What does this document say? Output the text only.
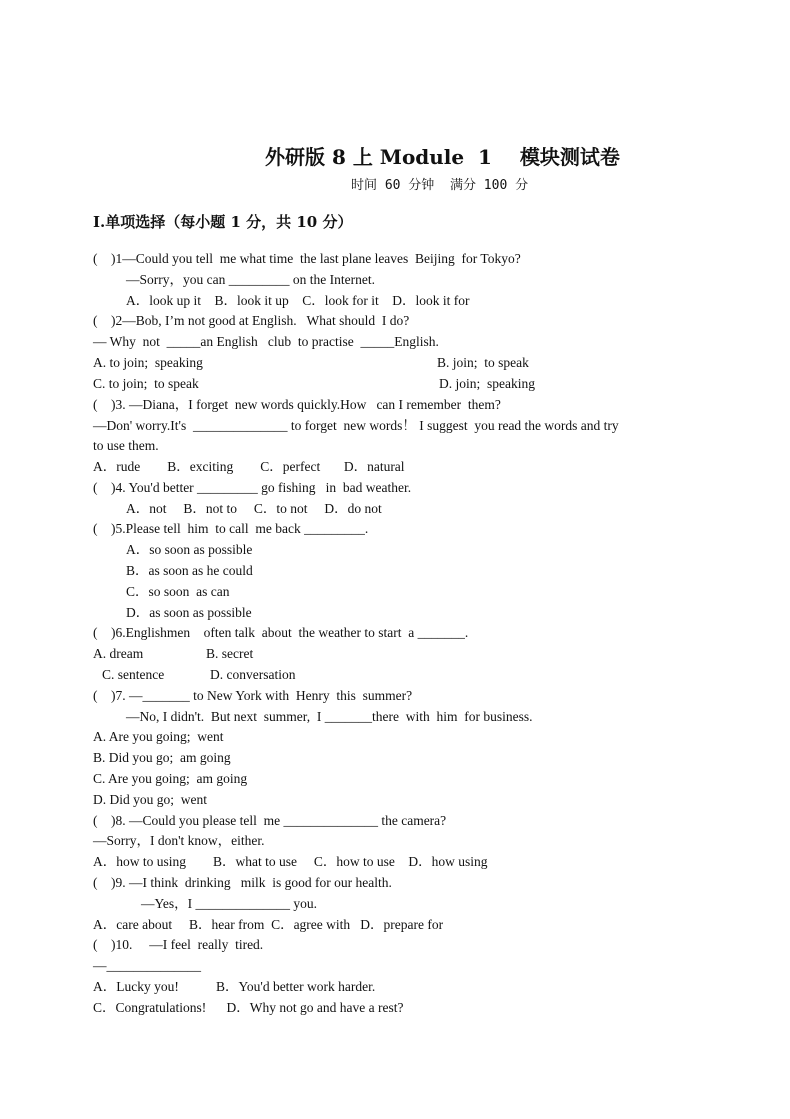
外研版 8 上 Module  1    模块测试卷
时间 60 分钟  满分 100 分
I.单项选择（每小题 1 分，共 10 分）
(    )1—Could you tell  me what time  the last plane leaves  Beijing  for Tokyo?
—Sorry，you can _________ on the Internet.
A．look up it    B．look it up    C．look for it    D．look it for
(    )2—Bob, I’m not good at English.   What should  I do?
— Why  not  _____an English   club  to practise  _____English.
A. to join;  speaking	B. join;  to speak
C. to join;  to speak	D. join;  speaking
(    )3. —Diana，I forget  new words quickly.How   can I remember  them?
—Don' worry.It's  ______________ to forget  new words！ I suggest  you read the words and try
to use them.
A．rude        B．exciting        C．perfect       D．natural
(    )4. You'd better _________ go fishing   in  bad weather.
A．not     B．not to     C．to not     D．do not
(    )5.Please tell  him  to call  me back _________.
A．so soon as possible
B．as soon as he could
C．so soon  as can
D．as soon as possible
(    )6.Englishmen    often talk  about  the weather to start  a _______.
A. dream	B. secret
C. sentence	D. conversation
(    )7. —_______ to New York with  Henry  this  summer?
—No, I didn't.  But next  summer,  I _______there  with  him  for business.
A. Are you going;  went
B. Did you go;  am going
C. Are you going;  am going
D. Did you go;  went
(    )8. —Could you please tell  me ______________ the camera?
—Sorry，I don't know，either.
A．how to using        B．what to use     C．how to use    D．how using
(    )9. —I think  drinking   milk  is good for our health.
—Yes，I ______________ you.
A．care about     B．hear from  C．agree with   D．prepare for
(    )10.     —I feel  really  tired.
—______________
A．Lucky you!           B．You'd better work harder.
C．Congratulations!      D．Why not go and have a rest?
